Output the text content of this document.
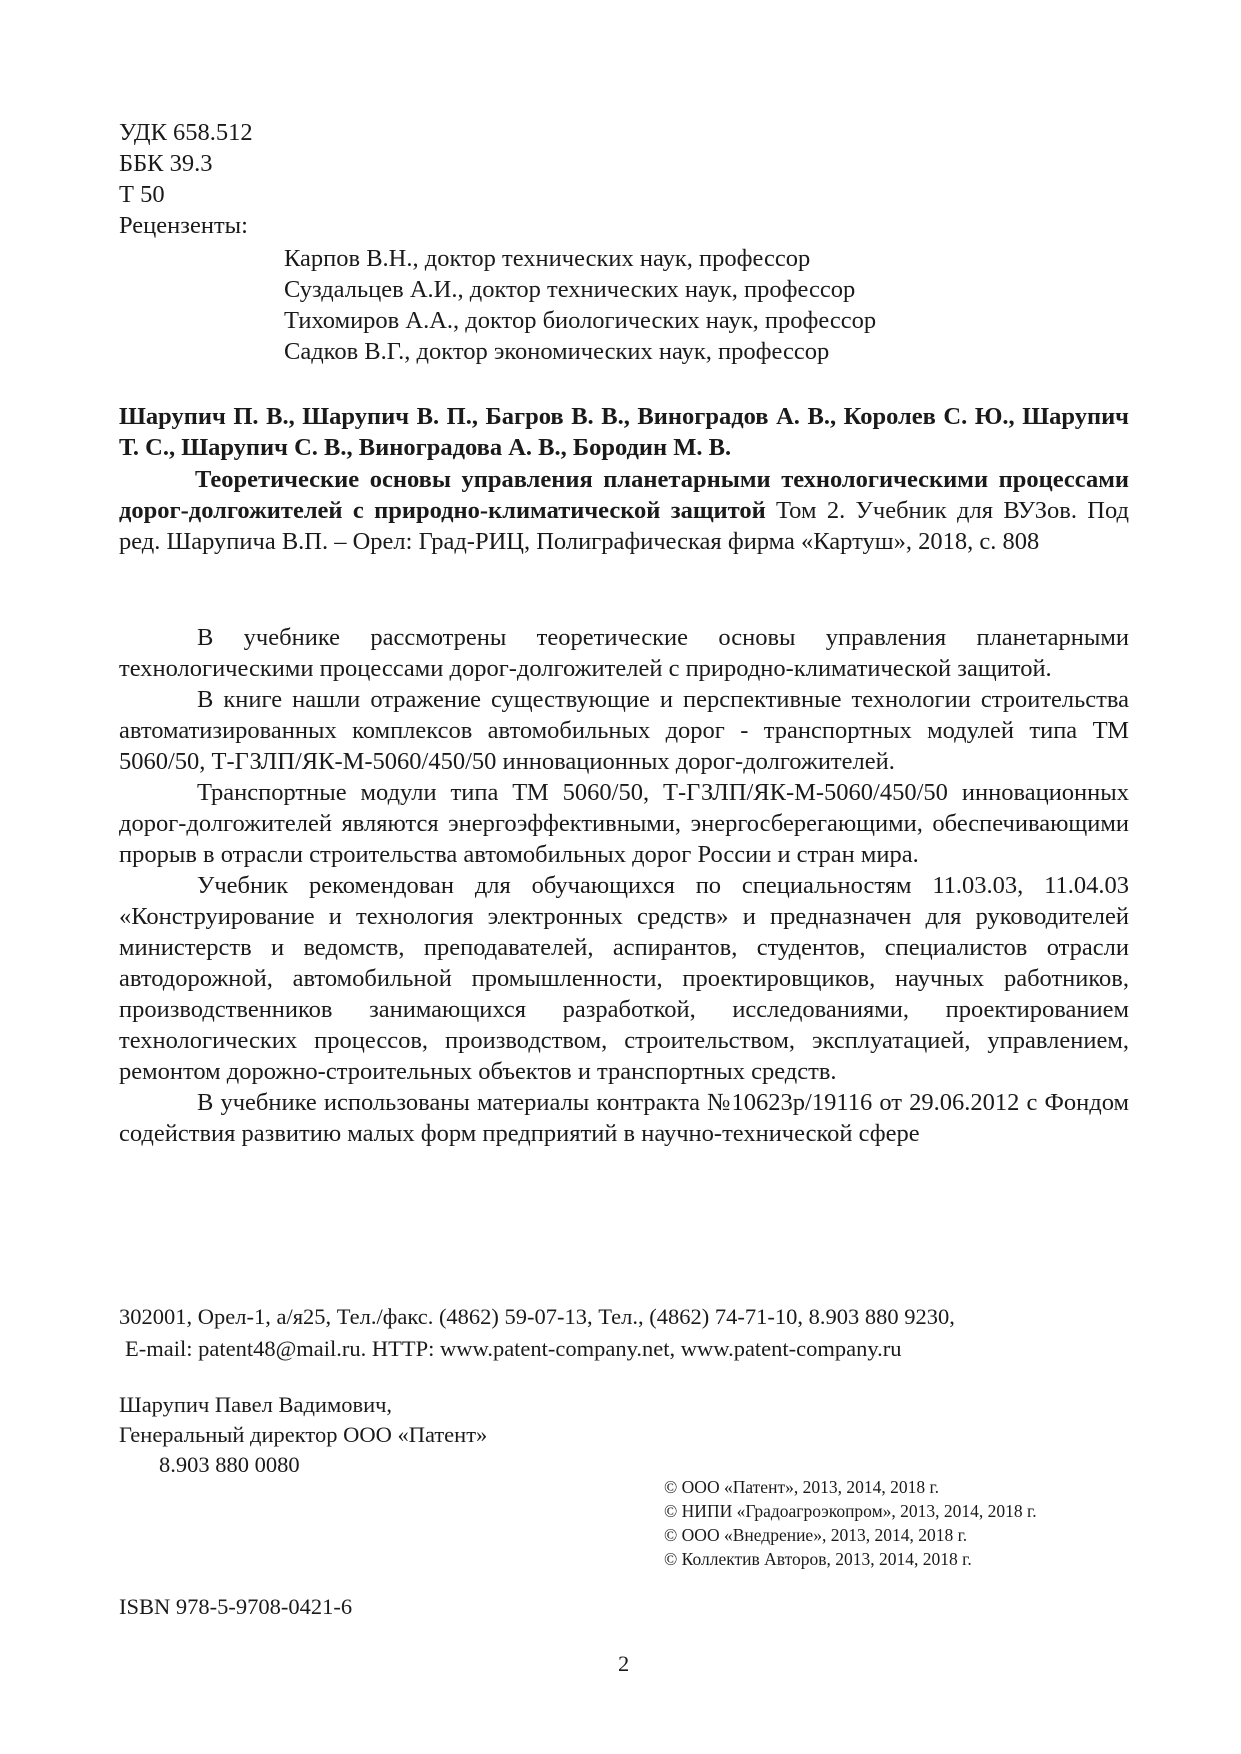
УДК 658.512
ББК 39.3
Т 50
Рецензенты:
Карпов В.Н., доктор технических наук, профессор
Суздальцев А.И., доктор технических наук, профессор
Тихомиров А.А., доктор биологических наук, профессор
Садков В.Г., доктор экономических наук, профессор
Шарупич П. В., Шарупич В. П., Багров В. В., Виноградов А. В., Королев С. Ю., Шарупич Т. С., Шарупич С. В., Виноградова А. В., Бородин М. В.
Теоретические основы управления планетарными технологическими процессами дорог-долгожителей с природно-климатической защитой Том 2. Учебник для ВУЗов. Под ред. Шарупича В.П. – Орел: Град-РИЦ, Полиграфическая фирма «Картуш», 2018, с. 808

В учебнике рассмотрены теоретические основы управления планетарными технологическими процессами дорог-долгожителей с природно-климатической защитой.

В книге нашли отражение существующие и перспективные технологии строительства автоматизированных комплексов автомобильных дорог - транспортных модулей типа ТМ 5060/50, Т-ГЗЛП/ЯК-М-5060/450/50 инновационных дорог-долгожителей.

Транспортные модули типа ТМ 5060/50, Т-ГЗЛП/ЯК-М-5060/450/50 инновационных дорог-долгожителей являются энергоэффективными, энергосберегающими, обеспечивающими прорыв в отрасли строительства автомобильных дорог России и стран мира.

Учебник рекомендован для обучающихся по специальностям 11.03.03, 11.04.03 «Конструирование и технология электронных средств» и предназначен для руководителей министерств и ведомств, преподавателей, аспирантов, студентов, специалистов отрасли автодорожной, автомобильной промышленности, проектировщиков, научных работников, производственников занимающихся разработкой, исследованиями, проектированием технологических процессов, производством, строительством, эксплуатацией, управлением, ремонтом дорожно-строительных объектов и транспортных средств.

В учебнике использованы материалы контракта №10623р/19116 от 29.06.2012 с Фондом содействия развитию малых форм предприятий в научно-технической сфере

302001, Орел-1, а/я25, Тел./факс. (4862) 59-07-13, Тел., (4862) 74-71-10, 8.903 880 9230,
E-mail: patent48@mail.ru. HTTP: www.patent-company.net, www.patent-company.ru
Шарупич Павел Вадимович,
Генеральный директор ООО «Патент»
8.903 880 0080
© ООО «Патент», 2013, 2014, 2018 г.
© НИПИ «Градоагроэкопром», 2013, 2014, 2018 г.
© ООО «Внедрение», 2013, 2014, 2018 г.
© Коллектив Авторов, 2013, 2014, 2018 г.
ISBN 978-5-9708-0421-6
2
